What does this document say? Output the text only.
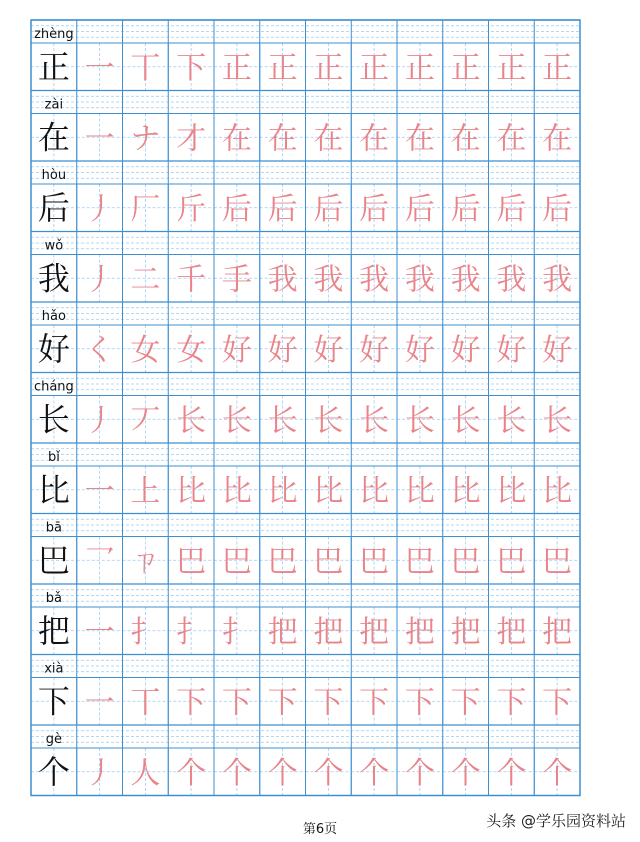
zhèng
正 一 丅 下 正 正 正 正 正 正 正 正
zài
在 一 ナ 才 在 在 在 在 在 在 在 在
hòu
后 丿 厂 斤 后 后 后 后 后 后 后 后
wǒ
我 丿 二 千 手 我 我 我 我 我 我 我
hǎo
好 く 女 女 好 好 好 好 好 好 好 好
cháng
长 丿 丆 长 长 长 长 长 长 长 长 长
bǐ
比 一 上 比 比 比 比 比 比 比 比 比
bā
巴 乛 ㄗ 巴 巴 巴 巴 巴 巴 巴 巴 巴
bǎ
把 一 扌 扌 扌 把 把 把 把 把 把 把
xià
下 一 丅 下 下 下 下 下 下 下 下 下
gè
个 丿 人 个 个 个 个 个 个 个 个 个
第6页	头条 @学乐园资料站
